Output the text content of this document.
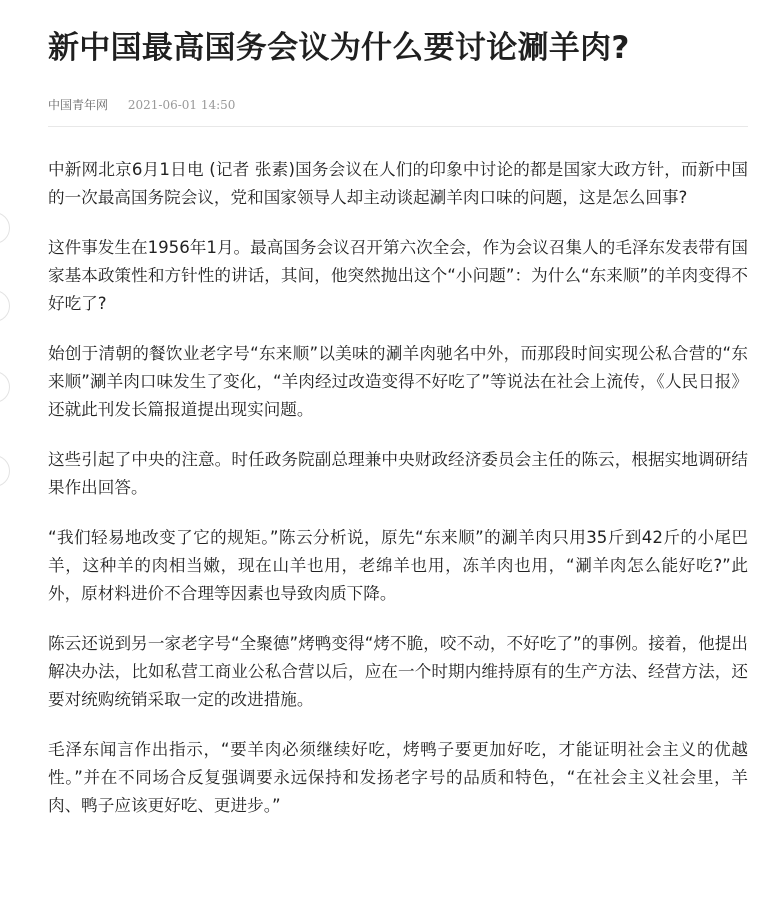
新中国最高国务会议为什么要讨论涮羊肉?
中国青年网 2021-06-01 14:50

中新网北京6月1日电 (记者 张素)国务会议在人们的印象中讨论的都是国家大政方针，而新中国的一次最高国务院会议，党和国家领导人却主动谈起涮羊肉口味的问题，这是怎么回事?

这件事发生在1956年1月。最高国务会议召开第六次全会，作为会议召集人的毛泽东发表带有国家基本政策性和方针性的讲话，其间，他突然抛出这个“小问题”：为什么“东来顺”的羊肉变得不好吃了?

始创于清朝的餐饮业老字号“东来顺”以美味的涮羊肉驰名中外，而那段时间实现公私合营的“东来顺”涮羊肉口味发生了变化，“羊肉经过改造变得不好吃了”等说法在社会上流传，《人民日报》还就此刊发长篇报道提出现实问题。

这些引起了中央的注意。时任政务院副总理兼中央财政经济委员会主任的陈云，根据实地调研结果作出回答。

“我们轻易地改变了它的规矩。”陈云分析说，原先“东来顺”的涮羊肉只用35斤到42斤的小尾巴羊，这种羊的肉相当嫩，现在山羊也用，老绵羊也用，冻羊肉也用，“涮羊肉怎么能好吃?”此外，原材料进价不合理等因素也导致肉质下降。

陈云还说到另一家老字号“全聚德”烤鸭变得“烤不脆，咬不动，不好吃了”的事例。接着，他提出解决办法，比如私营工商业公私合营以后，应在一个时期内维持原有的生产方法、经营方法，还要对统购统销采取一定的改进措施。

毛泽东闻言作出指示，“要羊肉必须继续好吃，烤鸭子要更加好吃，才能证明社会主义的优越性。”并在不同场合反复强调要永远保持和发扬老字号的品质和特色，“在社会主义社会里，羊肉、鸭子应该更好吃、更进步。”
